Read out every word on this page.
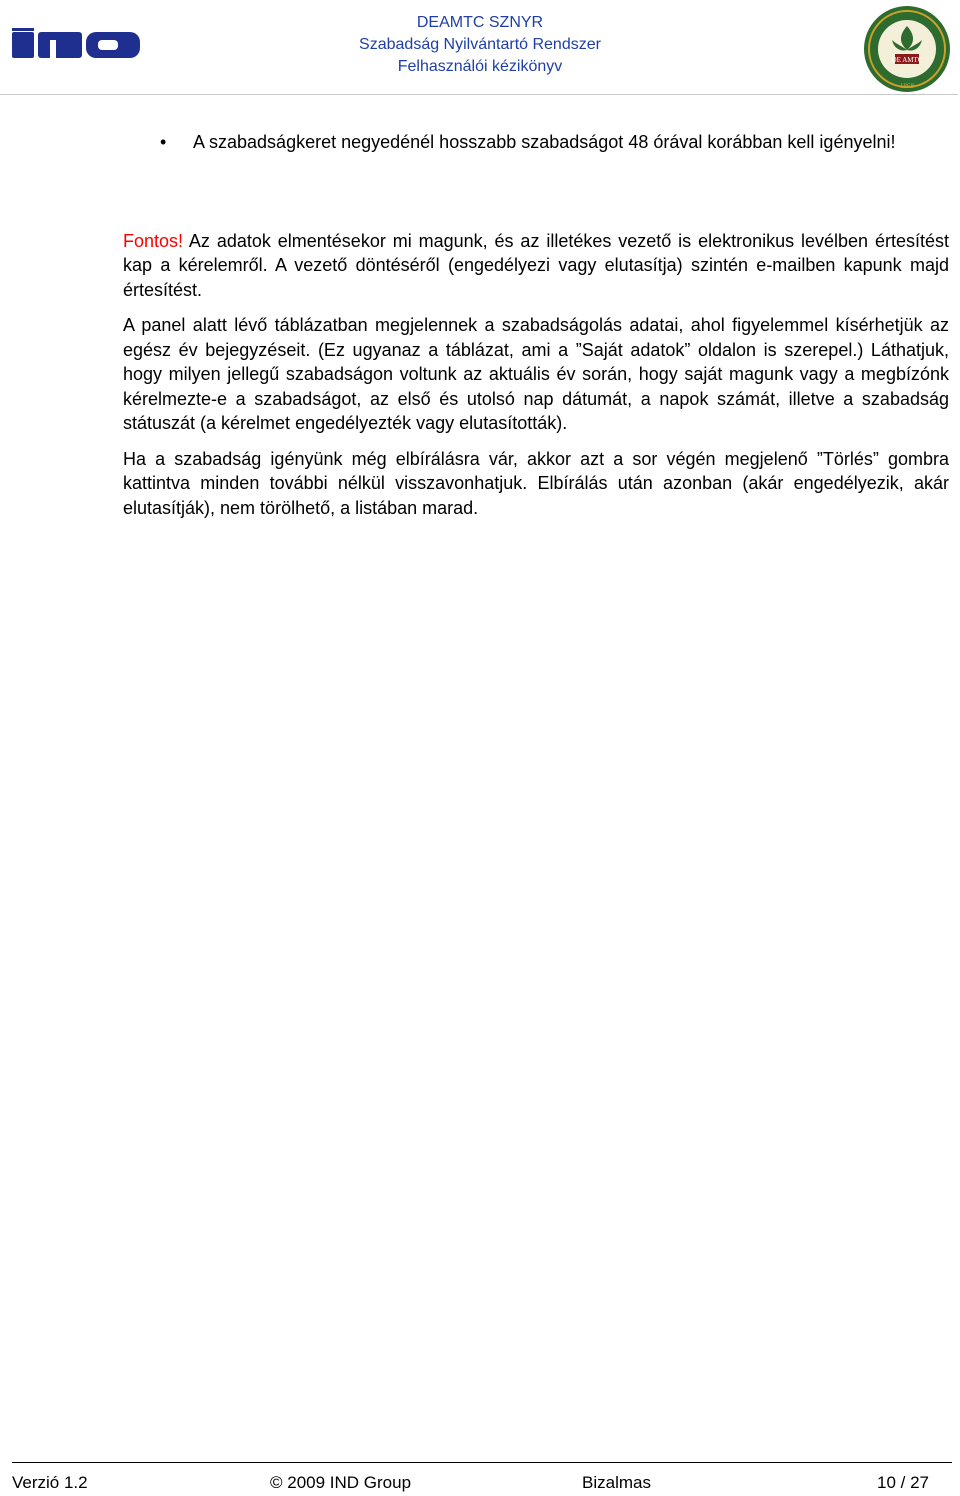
DEAMTC SZNYR
Szabadság Nyilvántartó Rendszer
Felhasználói kézikönyv	DE AMTC
1868
• A szabadságkeret negyedénél hosszabb szabadságot 48 órával korábban kell igényelni!

Fontos! Az adatok elmentésekor mi magunk, és az illetékes vezető is elektronikus levélben értesítést kap a kérelemről. A vezető döntéséről (engedélyezi vagy elutasítja) szintén e-mailben kapunk majd értesítést.

A panel alatt lévő táblázatban megjelennek a szabadságolás adatai, ahol figyelemmel kísérhetjük az egész év bejegyzéseit. (Ez ugyanaz a táblázat, ami a ”Saját adatok” oldalon is szerepel.) Láthatjuk, hogy milyen jellegű szabadságon voltunk az aktuális év során, hogy saját magunk vagy a megbízónk kérelmezte-e a szabadságot, az első és utolsó nap dátumát, a napok számát, illetve a szabadság státuszát (a kérelmet engedélyezték vagy elutasították).

Ha a szabadság igényünk még elbírálásra vár, akkor azt a sor végén megjelenő ”Törlés” gombra kattintva minden további nélkül visszavonhatjuk. Elbírálás után azonban (akár engedélyezik, akár elutasítják), nem törölhető, a listában marad.

Verzió 1.2	© 2009 IND Group	Bizalmas	10 / 27
